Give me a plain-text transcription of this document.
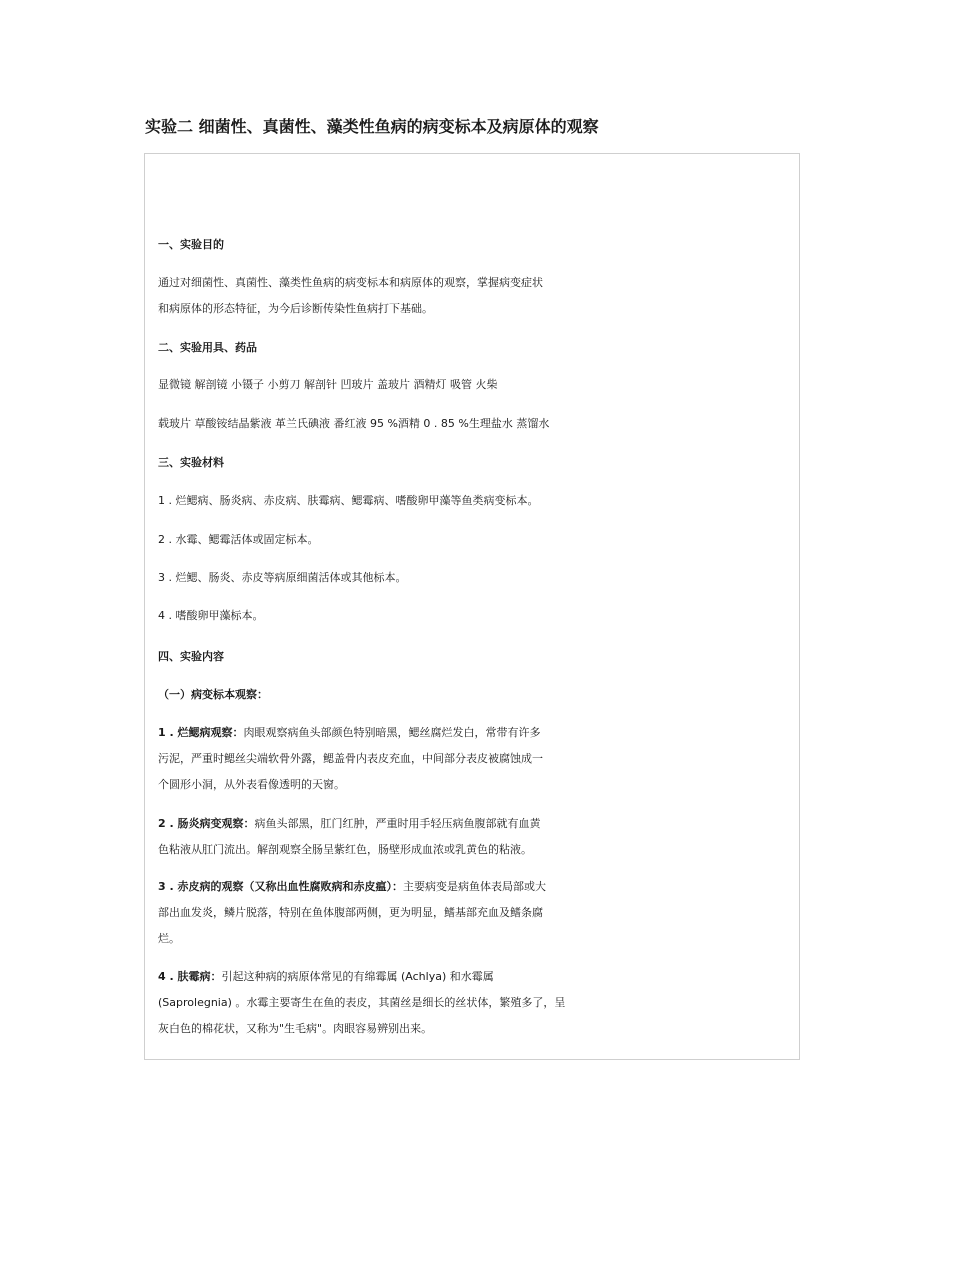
实验二 细菌性、真菌性、藻类性鱼病的病变标本及病原体的观察
一、实验目的
通过对细菌性、真菌性、藻类性鱼病的病变标本和病原体的观察，掌握病变症状
和病原体的形态特征，为今后诊断传染性鱼病打下基础。
二、实验用具、药品
显微镜 解剖镜 小镊子 小剪刀 解剖针 凹玻片 盖玻片 酒精灯 吸管 火柴
载玻片 草酸铵结晶紫液 革兰氏碘液 番红液 95 %酒精 0 . 85 %生理盐水 蒸馏水
三、实验材料
1 . 烂鳃病、肠炎病、赤皮病、肤霉病、鳃霉病、嗜酸卵甲藻等鱼类病变标本。
2 . 水霉、鳃霉活体或固定标本。
3 . 烂鳃、肠炎、赤皮等病原细菌活体或其他标本。
4 . 嗜酸卵甲藻标本。
四、实验内容
（一）病变标本观察：
1 . 烂鳃病观察：肉眼观察病鱼头部颜色特别暗黑，鳃丝腐烂发白，常带有许多
污泥，严重时鳃丝尖端软骨外露，鳃盖骨内表皮充血，中间部分表皮被腐蚀成一
个圆形小洞，从外表看像透明的天窗。
2 . 肠炎病变观察：病鱼头部黑，肛门红肿，严重时用手轻压病鱼腹部就有血黄
色粘液从肛门流出。解剖观察全肠呈紫红色，肠壁形成血浓或乳黄色的粘液。
3 . 赤皮病的观察（又称出血性腐败病和赤皮瘟）：主要病变是病鱼体表局部或大
部出血发炎，鳞片脱落，特别在鱼体腹部两侧，更为明显，鳍基部充血及鳍条腐
烂。
4 . 肤霉病：引起这种病的病原体常见的有绵霉属 (Achlya) 和水霉属
(Saprolegnia) 。水霉主要寄生在鱼的表皮，其菌丝是细长的丝状体，繁殖多了，呈
灰白色的棉花状，又称为"生毛病"。肉眼容易辨别出来。
